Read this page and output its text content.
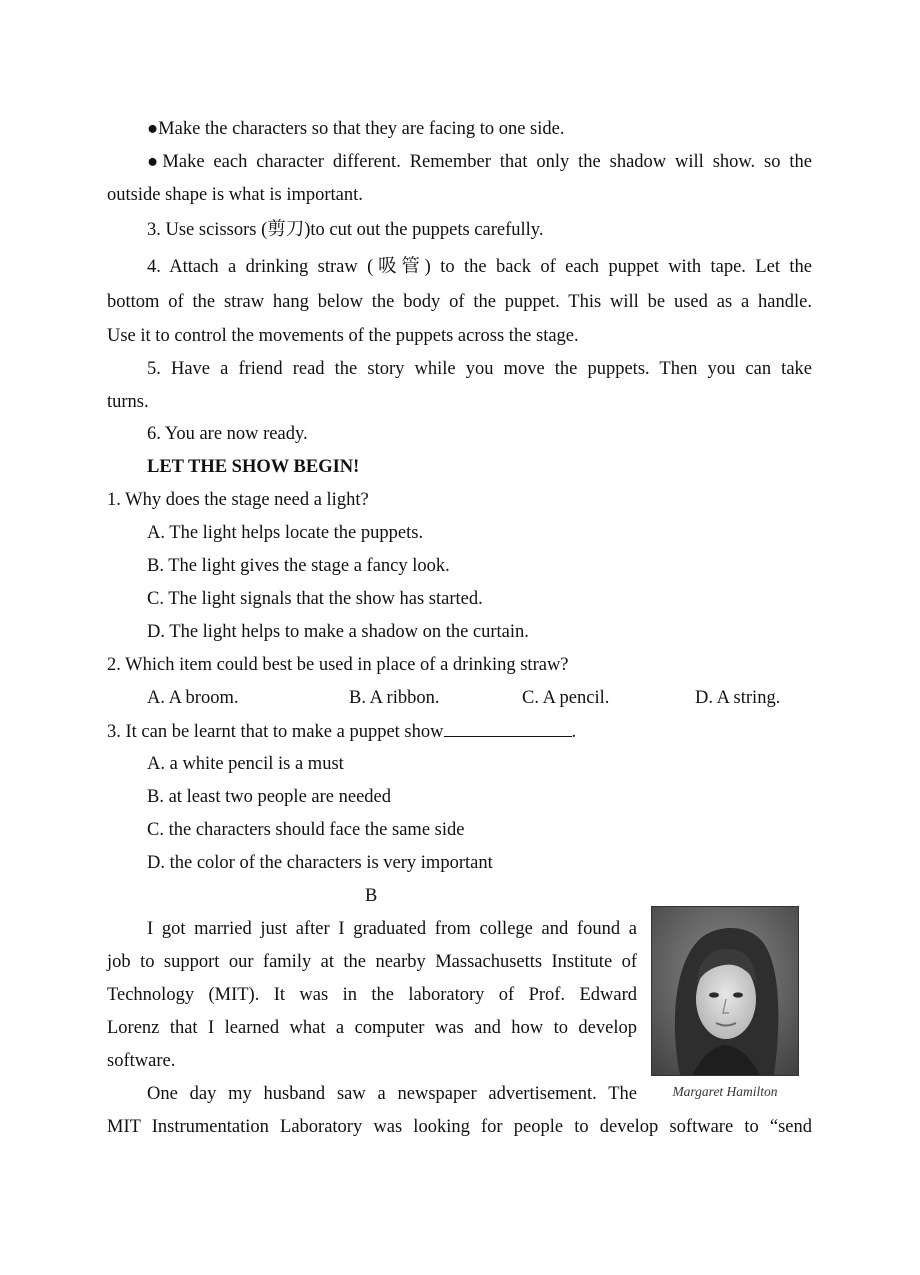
●Make the characters so that they are facing to one side.
●Make each character different. Remember that only the shadow will show. so the
outside shape is what is important.
3. Use scissors (剪刀)to cut out the puppets carefully.
4. Attach a drinking straw (吸管) to the back of each puppet with tape. Let the
bottom of the straw hang below the body of the puppet. This will be used as a handle.
Use it to control the movements of the puppets across the stage.
5. Have a friend read the story while you move the puppets. Then you can take
turns.
6. You are now ready.
LET THE SHOW BEGIN!
1. Why does the stage need a light?
A. The light helps locate the puppets.
B. The light gives the stage a fancy look.
C. The light signals that the show has started.
D. The light helps to make a shadow on the curtain.
2. Which item could best be used in place of a drinking straw?
A. A broom.	B. A ribbon.	C. A pencil.	D. A string.
3. It can be learnt that to make a puppet show	.
A. a white pencil is a must
B. at least two people are needed
C. the characters should face the same side
D. the color of the characters is very important
B
I got married just after I graduated from college and found a
job to support our family at the nearby Massachusetts Institute of
Technology (MIT). It was in the laboratory of Prof. Edward
Lorenz that I learned what a computer was and how to develop
software.
One day my husband saw a newspaper advertisement. The
MIT Instrumentation Laboratory was looking for people to develop software to “send
Margaret Hamilton
